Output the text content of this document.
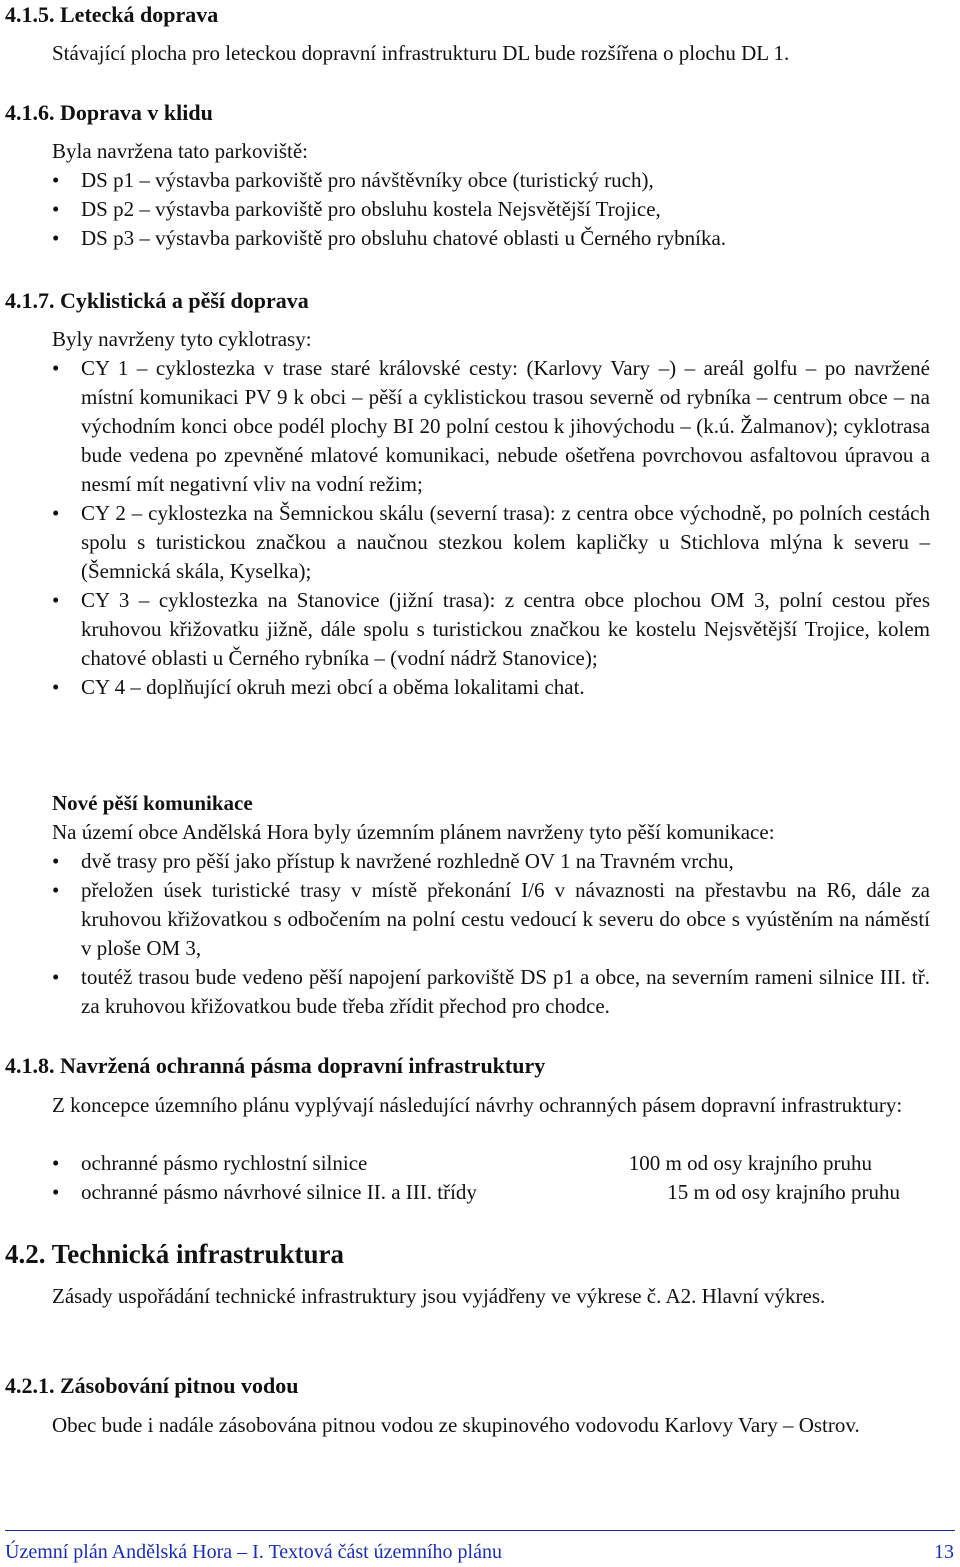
4.1.5. Letecká doprava

Stávající plocha pro leteckou dopravní infrastrukturu DL bude rozšířena o plochu DL 1.

4.1.6. Doprava v klidu

Byla navržena tato parkoviště:

• DS p1 – výstavba parkoviště pro návštěvníky obce (turistický ruch),
• DS p2 – výstavba parkoviště pro obsluhu kostela Nejsvětější Trojice,
• DS p3 – výstavba parkoviště pro obsluhu chatové oblasti u Černého rybníka.
4.1.7. Cyklistická a pěší doprava

Byly navrženy tyto cyklotrasy:

• CY 1 – cyklostezka v trase staré královské cesty: (Karlovy Vary –) – areál golfu – po navržené místní komunikaci PV 9 k obci – pěší a cyklistickou trasou severně od rybníka – centrum obce – na východním konci obce podél plochy BI 20 polní cestou k jihovýchodu – (k.ú. Žalmanov); cyklotrasa bude vedena po zpevněné mlatové komunikaci, nebude ošetřena povrchovou asfaltovou úpravou a nesmí mít negativní vliv na vodní režim;
• CY 2 – cyklostezka na Šemnickou skálu (severní trasa): z centra obce východně, po polních cestách spolu s turistickou značkou a naučnou stezkou kolem kapličky u Stichlova mlýna k severu – (Šemnická skála, Kyselka);
• CY 3 – cyklostezka na Stanovice (jižní trasa): z centra obce plochou OM 3, polní cestou přes kruhovou křižovatku jižně, dále spolu s turistickou značkou ke kostelu Nejsvětější Trojice, kolem chatové oblasti u Černého rybníka – (vodní nádrž Stanovice);
• CY 4 – doplňující okruh mezi obcí a oběma lokalitami chat.

Nové pěší komunikace

Na území obce Andělská Hora byly územním plánem navrženy tyto pěší komunikace:

• dvě trasy pro pěší jako přístup k navržené rozhledně OV 1 na Travném vrchu,
• přeložen úsek turistické trasy v místě překonání I/6 v návaznosti na přestavbu na R6, dále za kruhovou křižovatkou s odbočením na polní cestu vedoucí k severu do obce s vyústěním na náměstí v ploše OM 3,
• toutéž trasou bude vedeno pěší napojení parkoviště DS p1 a obce, na severním rameni silnice III. tř. za kruhovou křižovatkou bude třeba zřídit přechod pro chodce.
4.1.8. Navržená ochranná pásma dopravní infrastruktury

Z koncepce územního plánu vyplývají následující návrhy ochranných pásem dopravní infrastruktury:

• ochranné pásmo rychlostní silnice	100 m od osy krajního pruhu
• ochranné pásmo návrhové silnice II. a III. třídy	15 m od osy krajního pruhu
4.2. Technická infrastruktura

Zásady uspořádání technické infrastruktury jsou vyjádřeny ve výkrese č. A2. Hlavní výkres.

4.2.1. Zásobování pitnou vodou

Obec bude i nadále zásobována pitnou vodou ze skupinového vodovodu Karlovy Vary – Ostrov.

Územní plán Andělská Hora – I. Textová část územního plánu	13
